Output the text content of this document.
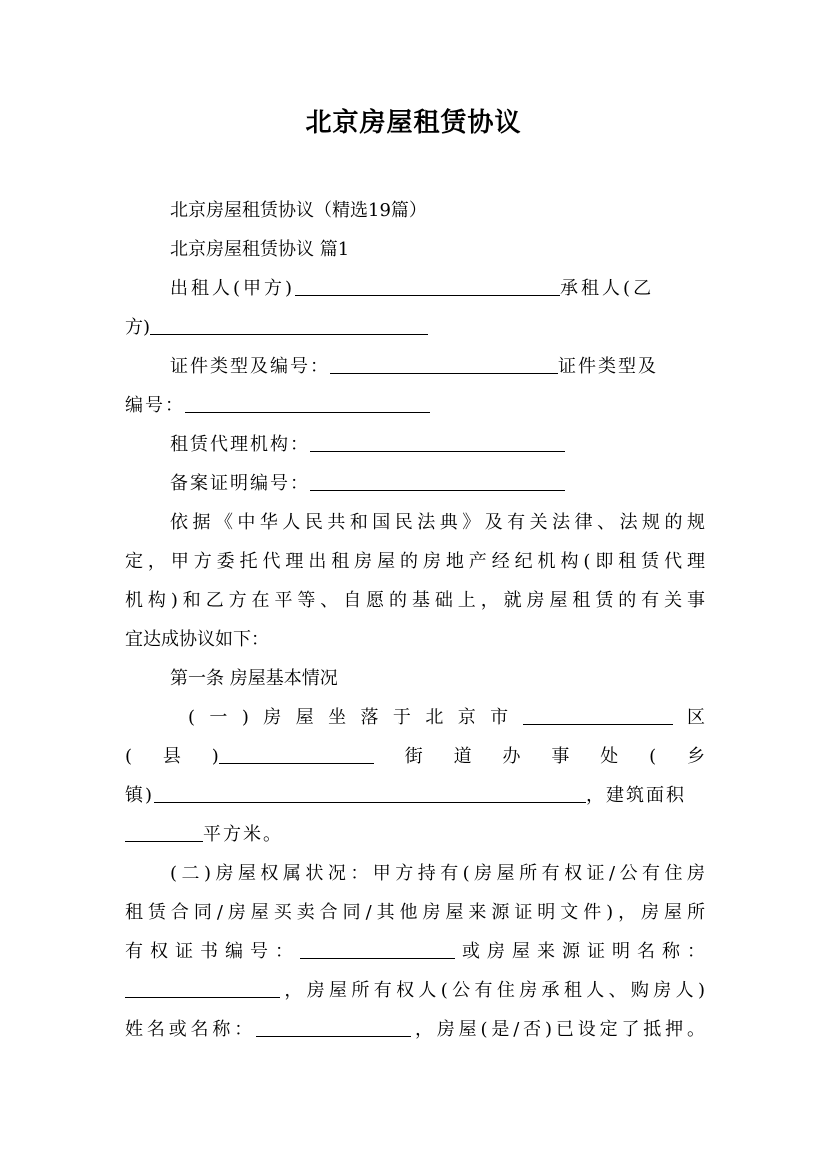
北京房屋租赁协议
北京房屋租赁协议（精选19篇）
北京房屋租赁协议 篇1
出租人(甲方)	承租人(乙
方)
证件类型及编号：	证件类型及
编号：
租赁代理机构：
备案证明编号：
依据《中华人民共和国民法典》及有关法律、法规的规
定，甲方委托代理出租房屋的房地产经纪机构(即租赁代理
机构)和乙方在平等、自愿的基础上，就房屋租赁的有关事
宜达成协议如下：
第一条 房屋基本情况
(一)房屋坐落于北京市	区
(县)	街道办事处(乡
镇)	，建筑面积
平方米。
(二)房屋权属状况：甲方持有(房屋所有权证/公有住房
租赁合同/房屋买卖合同/其他房屋来源证明文件)，房屋所
有权证书编号：	或房屋来源证明名称：
，房屋所有权人(公有住房承租人、购房人)
姓名或名称：	，房屋(是/否)已设定了抵押。
